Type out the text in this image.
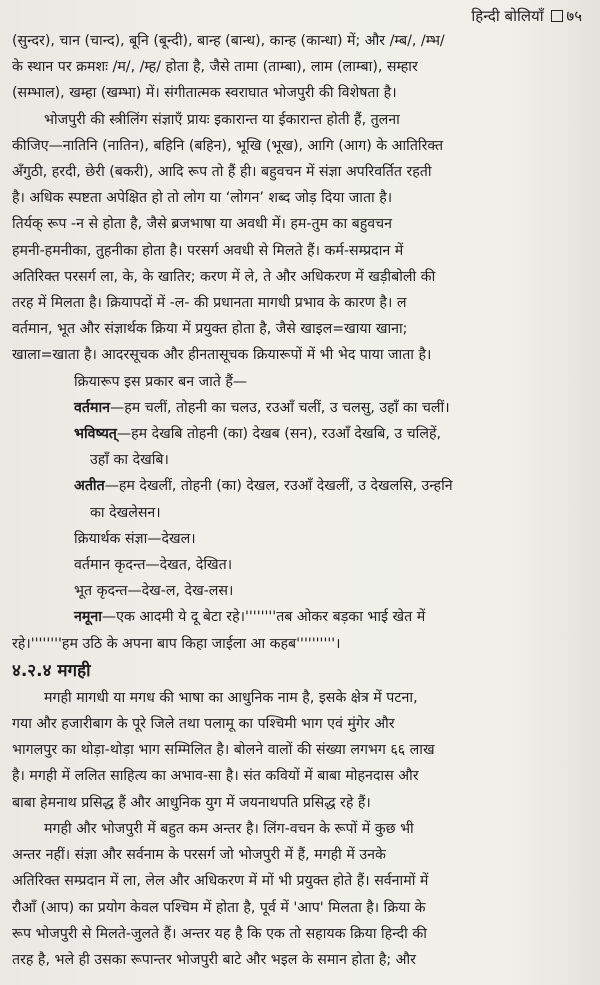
हिन्दी बोलियाँ ७५

(सुन्दर), चान (चान्द), बूनि (बून्दी), बान्ह (बान्ध), कान्ह (कान्धा) में; और /म्ब/, /म्भ/

के स्थान पर क्रमशः /म/, /म्ह/ होता है, जैसे तामा (ताम्बा), लाम (लाम्बा), सम्हार

(सम्भाल), खम्हा (खम्भा) में। संगीतात्मक स्वराघात भोजपुरी की विशेषता है।

भोजपुरी की स्त्रीलिंग संज्ञाएँ प्रायः इकारान्त या ईकारान्त होती हैं, तुलना

कीजिए—नातिनि (नातिन), बहिनि (बहिन), भूखि (भूख), आगि (आग) के आतिरिक्त

अँगुठी, हरदी, छेरी (बकरी), आदि रूप तो हैं ही। बहुवचन में संज्ञा अपरिवर्तित रहती

है। अधिक स्पष्टता अपेक्षित हो तो लोग या ‘लोगन’ शब्द जोड़ दिया जाता है।

तिर्यक् रूप -न से होता है, जैसे ब्रजभाषा या अवधी में। हम-तुम का बहुवचन

हमनी-हमनीका, तुहनीका होता है। परसर्ग अवधी से मिलते हैं। कर्म-सम्प्रदान में

अतिरिक्त परसर्ग ला, के, के खातिर; करण में ले, ते और अधिकरण में खड़ीबोली की

तरह में मिलता है। क्रियापदों में -ल- की प्रधानता मागधी प्रभाव के कारण है। ल

वर्तमान, भूत और संज्ञार्थक क्रिया में प्रयुक्त होता है, जैसे खाइल=खाया खाना;

खाला=खाता है। आदरसूचक और हीनतासूचक क्रियारूपों में भी भेद पाया जाता है।

क्रियारूप इस प्रकार बन जाते हैं—

वर्तमान—हम चलीं, तोहनी का चलउ, रउआँ चलीं, उ चलसु, उहाँ का चलीं।

भविष्यत्—हम देखबि तोहनी (का) देखब (सन), रउआँ देखबि, उ चलिहें,

उहाँ का देखबि।

अतीत—हम देखलीं, तोहनी (का) देखल, रउआँ देखलीं, उ देखलसि, उन्हनि

का देखलेसन।

क्रियार्थक संज्ञा—देखल।

वर्तमान कृदन्त—देखत, देखित।

भूत कृदन्त—देख-ल, देख-लस।

नमूना—एक आदमी ये दू बेटा रहे।''''''''तब ओकर बड़का भाई खेत में

रहे।''''''''हम उठि के अपना बाप किहा जाईला आ कहब''''''''''।

४.२.४ मगही

मगही मागधी या मगध की भाषा का आधुनिक नाम है, इसके क्षेत्र में पटना,

गया और हजारीबाग के पूरे जिले तथा पलामू का पश्चिमी भाग एवं मुंगेर और

भागलपुर का थोड़ा-थोड़ा भाग सम्मिलित है। बोलने वालों की संख्या लगभग ६६ लाख

है। मगही में ललित साहित्य का अभाव-सा है। संत कवियों में बाबा मोहनदास और

बाबा हेमनाथ प्रसिद्ध हैं और आधुनिक युग में जयनाथपति प्रसिद्ध रहे हैं।

मगही और भोजपुरी में बहुत कम अन्तर है। लिंग-वचन के रूपों में कुछ भी

अन्तर नहीं। संज्ञा और सर्वनाम के परसर्ग जो भोजपुरी में हैं, मगही में उनके

अतिरिक्त सम्प्रदान में ला, लेल और अधिकरण में मों भी प्रयुक्त होते हैं। सर्वनामों में

रौआँ (आप) का प्रयोग केवल पश्चिम में होता है, पूर्व में 'आप' मिलता है। क्रिया के

रूप भोजपुरी से मिलते-जुलते हैं। अन्तर यह है कि एक तो सहायक क्रिया हिन्दी की

तरह है, भले ही उसका रूपान्तर भोजपुरी बाटे और भइल के समान होता है; और
